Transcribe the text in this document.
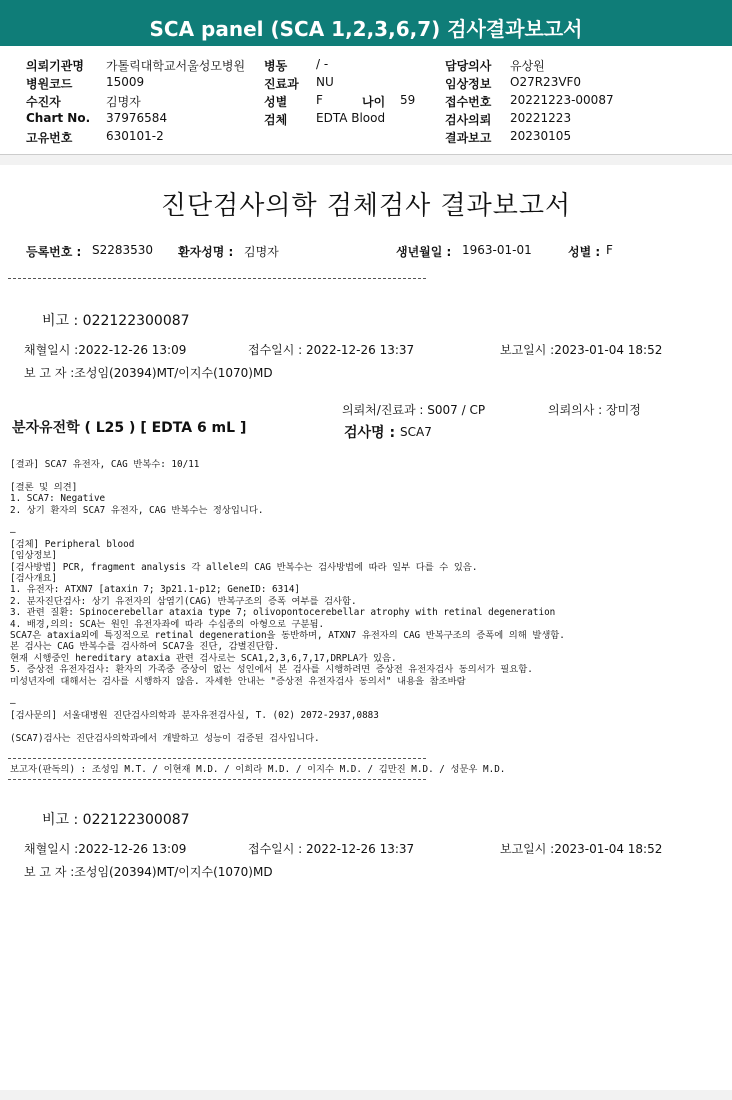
SCA panel (SCA 1,2,3,6,7) 검사결과보고서
의뢰기관명 가톨릭대학교서울성모병원 병동 / -	담당의사 유상원
병원코드	15009	진료과 NU	임상정보 O27R23VF0
수진자	김명자	성별 F	나이 59 접수번호 20221223-00087
Chart No. 37976584	검체 EDTA Blood	검사의뢰 20221223
고유번호	630101-2	결과보고 20230105
진단검사의학 검체검사 결과보고서
등록번호 : S2283530 환자성명 : 김명자	생년월일 : 1963-01-01	성별 : F
비고 : 022122300087
채혈일시 :2022-12-26 13:09	접수일시 : 2022-12-26 13:37	보고일시 :2023-01-04 18:52
보 고 자 :조성임(20394)MT/이지수(1070)MD
의뢰처/진료과 : S007 / CP	의뢰의사 : 장미정
분자유전학 ( L25 ) [ EDTA 6 mL ]	검사명 : SCA7
[결과] SCA7 유전자, CAG 반복수: 10/11
[결론 및 의견]
1. SCA7: Negative
2. 상기 환자의 SCA7 유전자, CAG 반복수는 정상입니다.
—
[검체] Peripheral blood
[임상정보]
[검사방법] PCR, fragment analysis 각 allele의 CAG 반복수는 검사방법에 따라 일부 다를 수 있음.
[검사개요]
1. 유전자: ATXN7 [ataxin 7; 3p21.1-p12; GeneID: 6314]
2. 분자진단검사: 상기 유전자의 삼염기(CAG) 반복구조의 증폭 여부를 검사함.
3. 관련 질환: Spinocerebellar ataxia type 7; olivopontocerebellar atrophy with retinal degeneration
4. 배경,의의: SCA는 원인 유전자좌에 따라 수십종의 아형으로 구분됨.
SCA7은 ataxia외에 특징적으로 retinal degeneration을 동반하며, ATXN7 유전자의 CAG 반복구조의 증폭에 의해 발생함.
본 검사는 CAG 반복수를 검사하여 SCA7을 진단, 감별진단함.
현재 시행중인 hereditary ataxia 관련 검사로는 SCA1,2,3,6,7,17,DRPLA가 있음.
5. 증상전 유전자검사: 환자의 가족중 증상이 없는 성인에서 본 검사를 시행하려면 증상전 유전자검사 동의서가 필요함.
미성년자에 대해서는 검사를 시행하지 않음. 자세한 안내는 "증상전 유전자검사 동의서" 내용을 참조바람
—
[검사문의] 서울대병원 진단검사의학과 분자유전검사실, T. (02) 2072-2937,0883
(SCA7)검사는 진단검사의학과에서 개발하고 성능이 검증된 검사입니다.
보고자(판독의) : 조성임 M.T. / 이현재 M.D. / 이희라 M.D. / 이지수 M.D. / 김만진 M.D. / 성문우 M.D.
비고 : 022122300087
채혈일시 :2022-12-26 13:09	접수일시 : 2022-12-26 13:37	보고일시 :2023-01-04 18:52
보 고 자 :조성임(20394)MT/이지수(1070)MD
